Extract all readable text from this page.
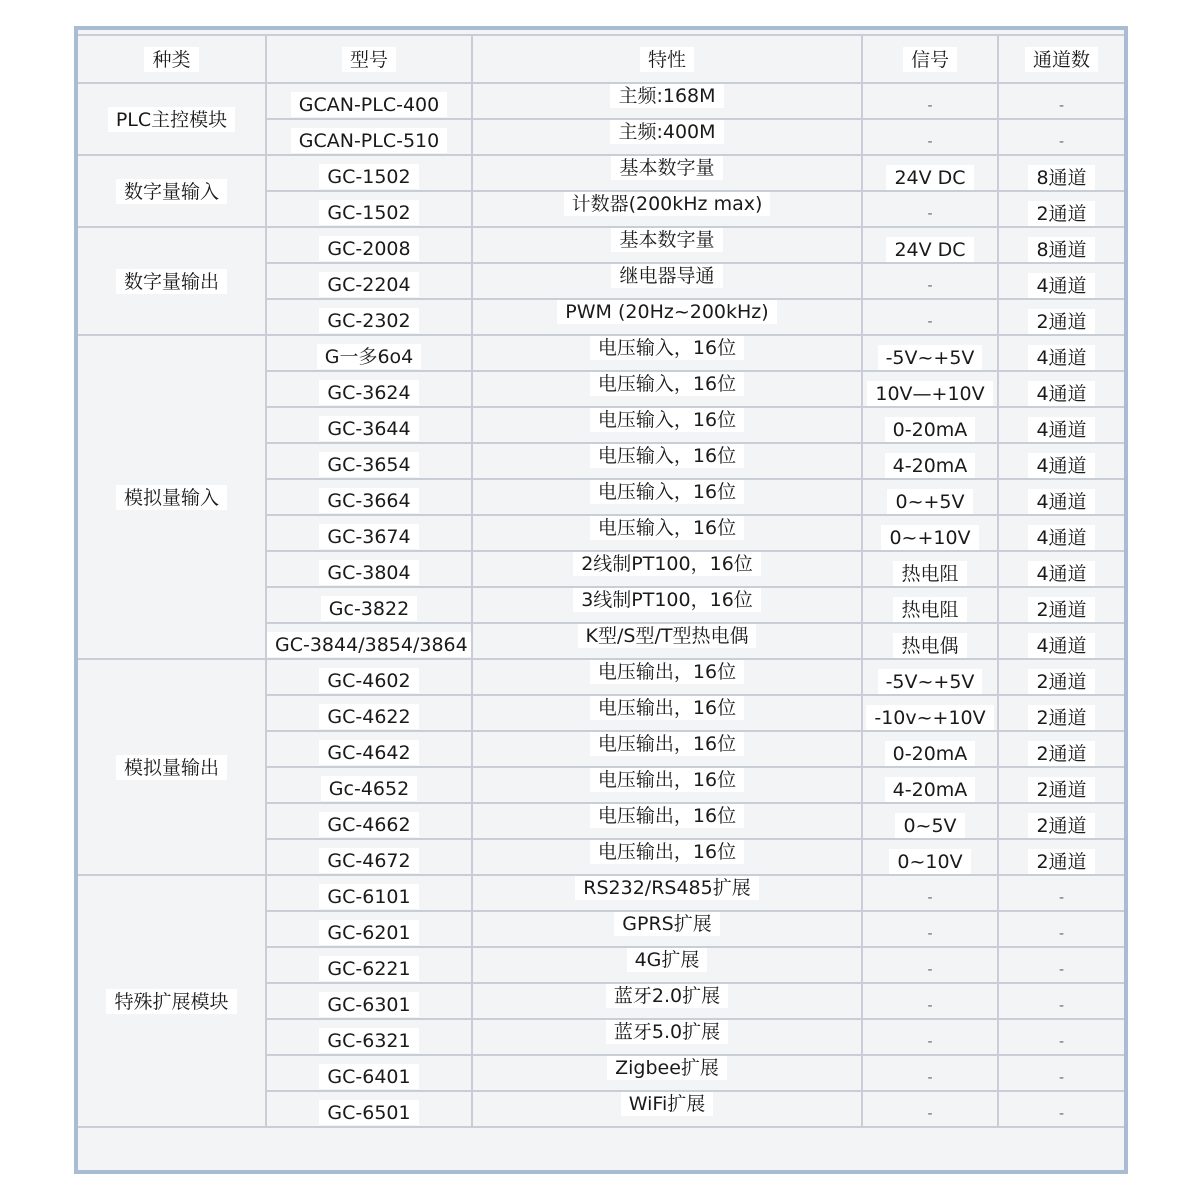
种类	型号	特性	信号	通道数
PLC主控模块	GCAN-PLC-400	主频:168M	-	-
	GCAN-PLC-510	主频:400M	-	-
数字量输入	GC-1502	基本数字量	24V DC	8通道
	GC-1502	计数器(200kHz max)	-	2通道
数字量输出	GC-2008	基本数字量	24V DC	8通道
	GC-2204	继电器导通	-	4通道
	GC-2302	PWM (20Hz~200kHz)	-	2通道
模拟量输入	G一多6o4	电压输入，16位	-5V~+5V	4通道
	GC-3624	电压输入，16位	10V—+10V	4通道
	GC-3644	电压输入，16位	0-20mA	4通道
	GC-3654	电压输入，16位	4-20mA	4通道
	GC-3664	电压输入，16位	0~+5V	4通道
	GC-3674	电压输入，16位	0~+10V	4通道
	GC-3804	2线制PT100，16位	热电阻	4通道
	Gc-3822	3线制PT100，16位	热电阻	2通道
	GC-3844/3854/3864	K型/S型/T型热电偶	热电偶	4通道
模拟量输出	GC-4602	电压输出，16位	-5V~+5V	2通道
	GC-4622	电压输出，16位	-10v~+10V	2通道
	GC-4642	电压输出，16位	0-20mA	2通道
	Gc-4652	电压输出，16位	4-20mA	2通道
	GC-4662	电压输出，16位	0~5V	2通道
	GC-4672	电压输出，16位	0~10V	2通道
特殊扩展模块	GC-6101	RS232/RS485扩展	-	-
	GC-6201	GPRS扩展	-	-
	GC-6221	4G扩展	-	-
	GC-6301	蓝牙2.0扩展	-	-
	GC-6321	蓝牙5.0扩展	-	-
	GC-6401	Zigbee扩展	-	-
	GC-6501	WiFi扩展	-	-
